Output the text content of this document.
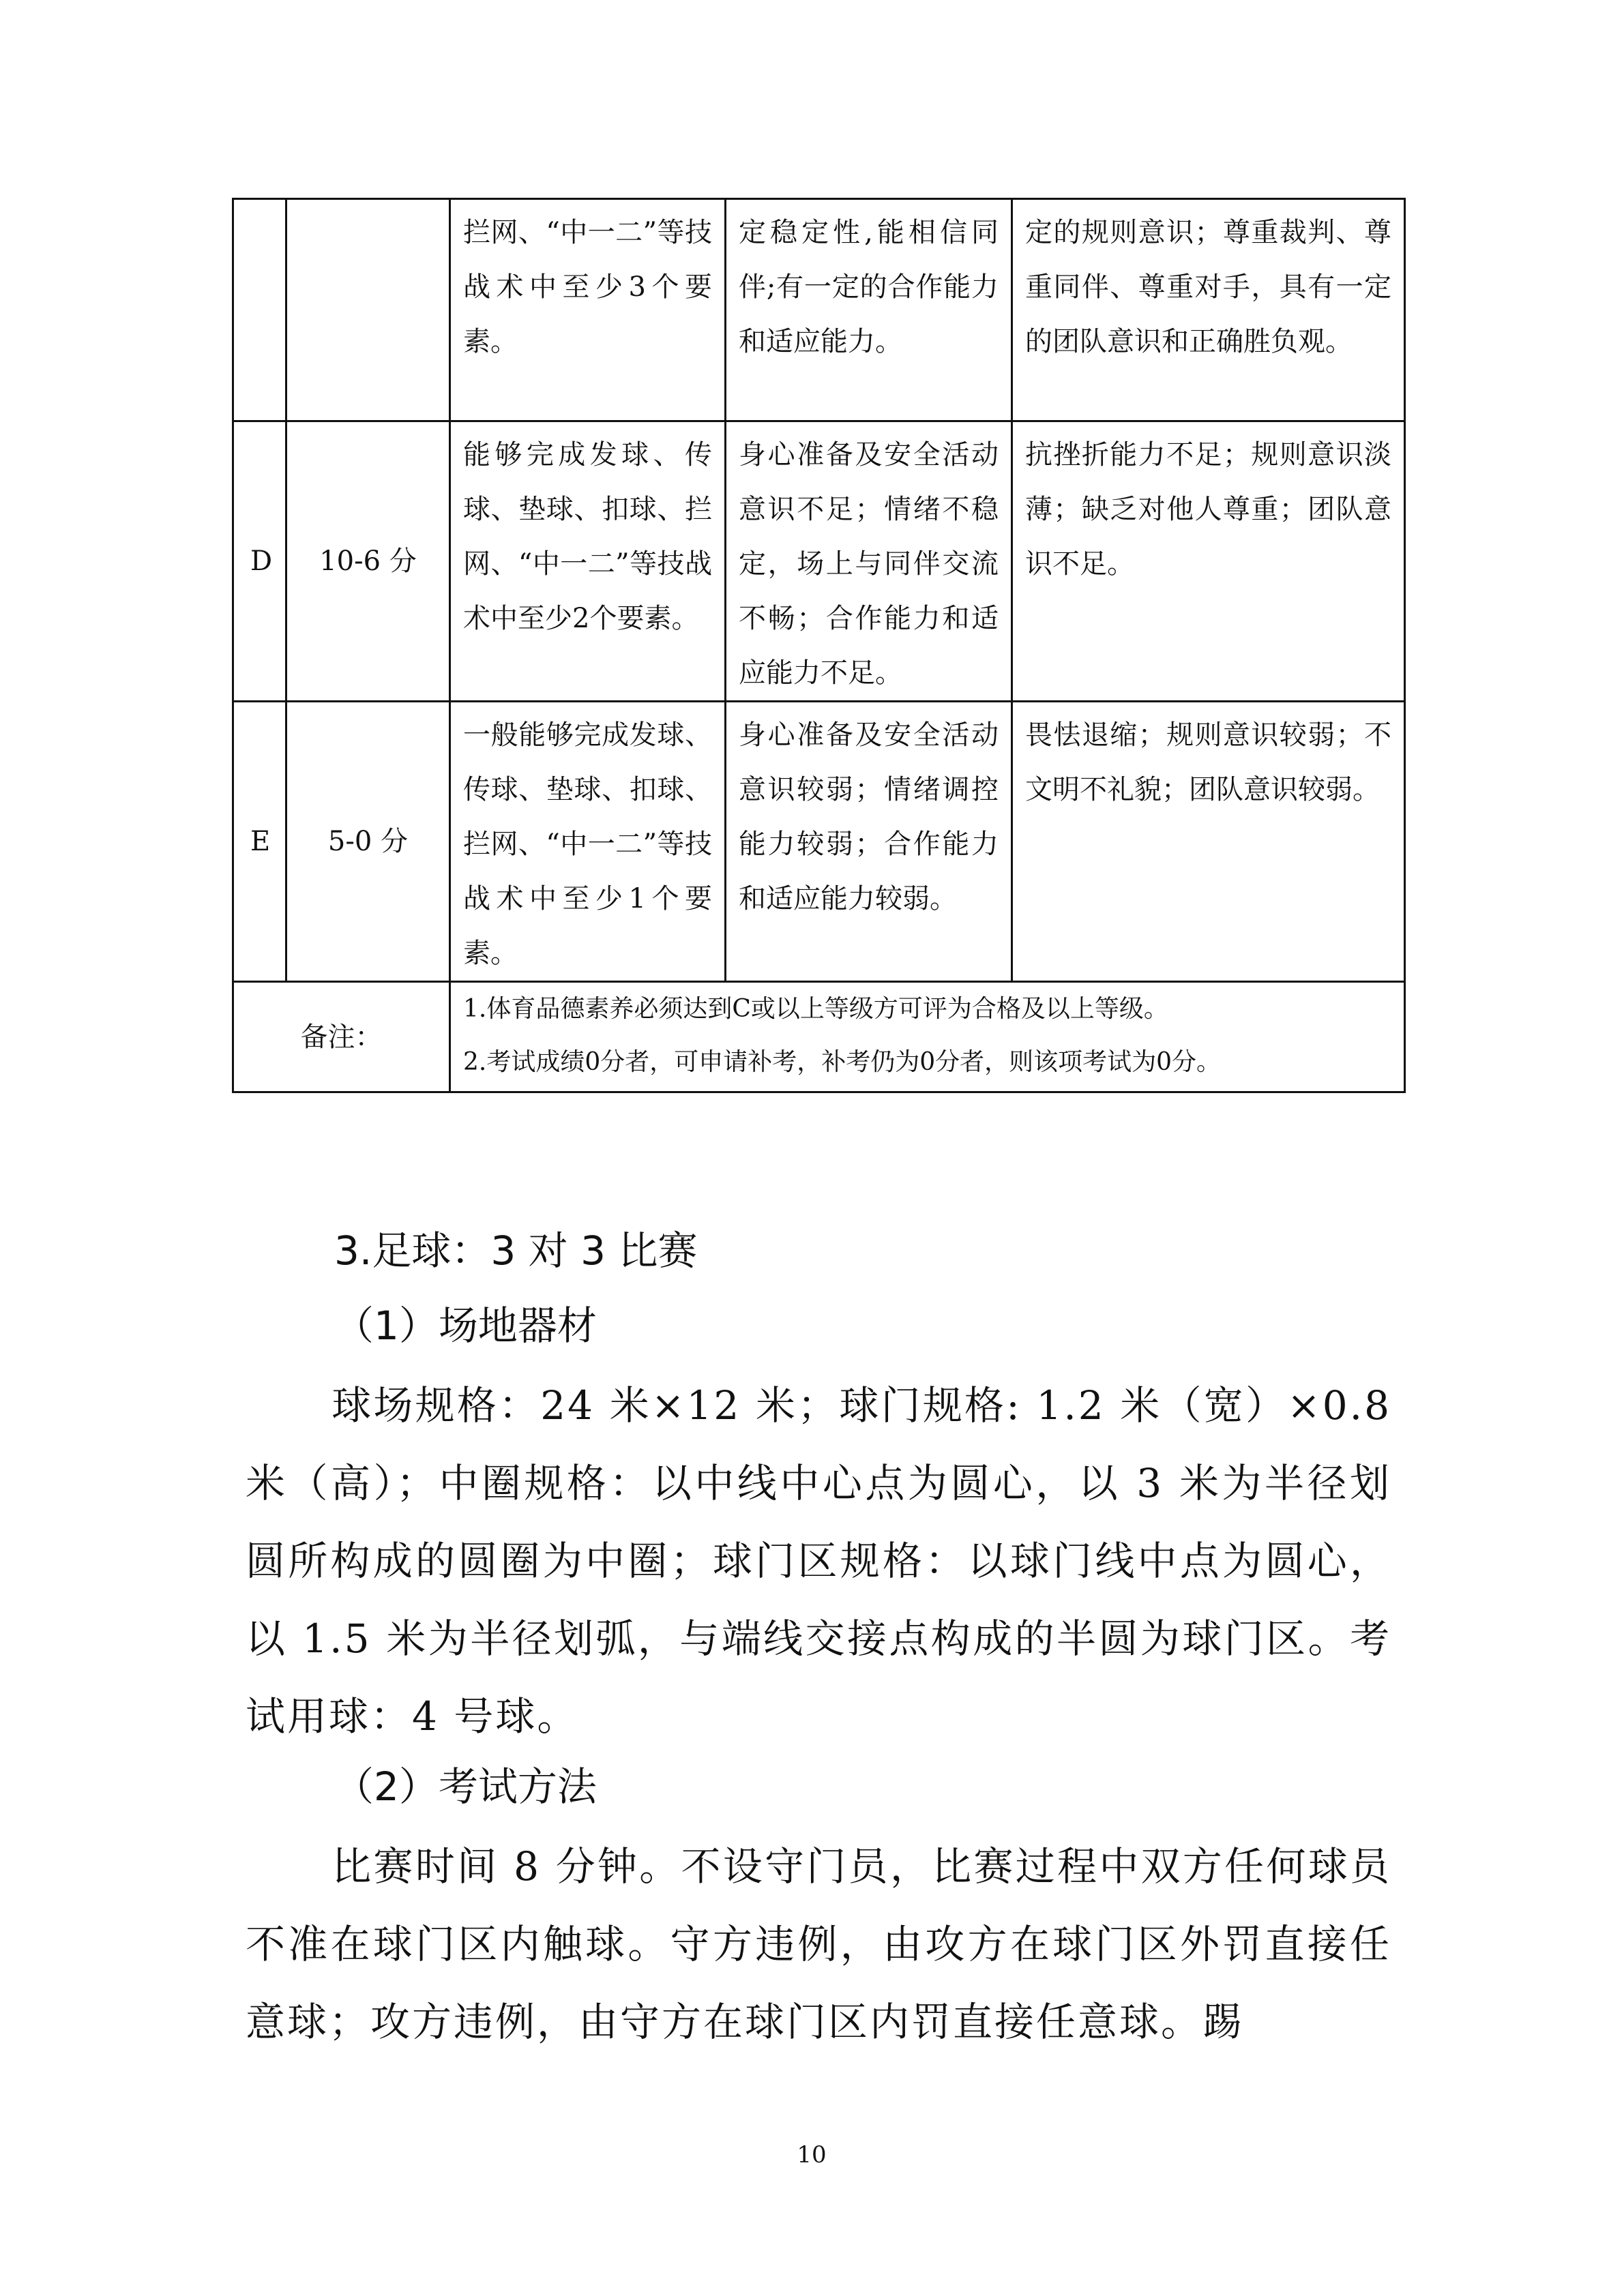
		拦网、“中一二”等技战术中至少3个要素。	定稳定性,能相信同伴;有一定的合作能力和适应能力。	定的规则意识；尊重裁判、尊重同伴、尊重对手，具有一定的团队意识和正确胜负观。

D	10-6 分	能够完成发球、传球、垫球、扣球、拦网、“中一二”等技战术中至少2个要素。	身心准备及安全活动意识不足；情绪不稳定，场上与同伴交流不畅；合作能力和适应能力不足。	抗挫折能力不足；规则意识淡薄；缺乏对他人尊重；团队意识不足。

E	5-0 分	一般能够完成发球、传球、垫球、扣球、拦网、“中一二”等技战术中至少1个要素。	身心准备及安全活动意识较弱；情绪调控能力较弱；合作能力和适应能力较弱。	畏怯退缩；规则意识较弱；不文明不礼貌；团队意识较弱。

备注：		1.体育品德素养必须达到C或以上等级方可评为合格及以上等级。
2.考试成绩0分者，可申请补考，补考仍为0分者，则该项考试为0分。		
3.足球：3 对 3 比赛
（1）场地器材
球场规格：24 米×12 米；球门规格: 1.2 米（宽）×0.8 米（高）；中圈规格：以中线中心点为圆心，以 3 米为半径划圆所构成的圆圈为中圈；球门区规格：以球门线中点为圆心，以 1.5 米为半径划弧，与端线交接点构成的半圆为球门区。考试用球：4 号球。
（2）考试方法
比赛时间 8 分钟。不设守门员，比赛过程中双方任何球员不准在球门区内触球。守方违例，由攻方在球门区外罚直接任意球；攻方违例，由守方在球门区内罚直接任意球。踢
10
